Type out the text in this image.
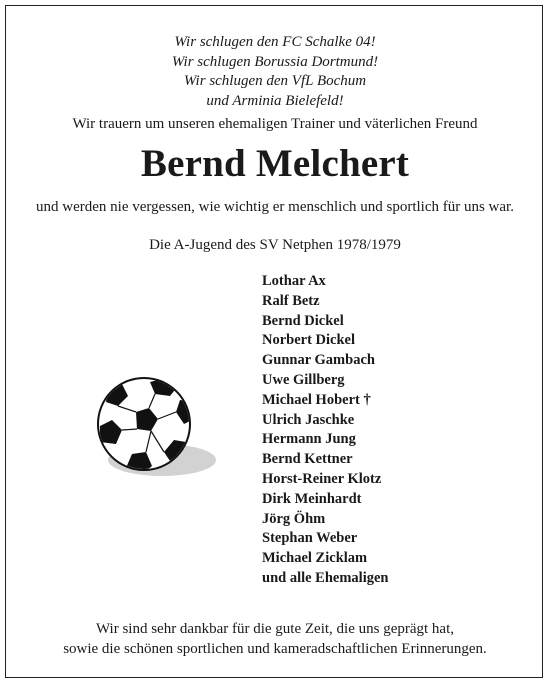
Wir schlugen den FC Schalke 04!
Wir schlugen Borussia Dortmund!
Wir schlugen den VfL Bochum
und Arminia Bielefeld!
Wir trauern um unseren ehemaligen Trainer und väterlichen Freund
Bernd Melchert
und werden nie vergessen, wie wichtig er menschlich und sportlich für uns war.
Die A-Jugend des SV Netphen 1978/1979
Lothar Ax
Ralf Betz
Bernd Dickel
Norbert Dickel
Gunnar Gambach
Uwe Gillberg
Michael Hobert †
Ulrich Jaschke
Hermann Jung
Bernd Kettner
Horst-Reiner Klotz
Dirk Meinhardt
Jörg Öhm
Stephan Weber
Michael Zicklam
und alle Ehemaligen
Wir sind sehr dankbar für die gute Zeit, die uns geprägt hat,
sowie die schönen sportlichen und kameradschaftlichen Erinnerungen.
